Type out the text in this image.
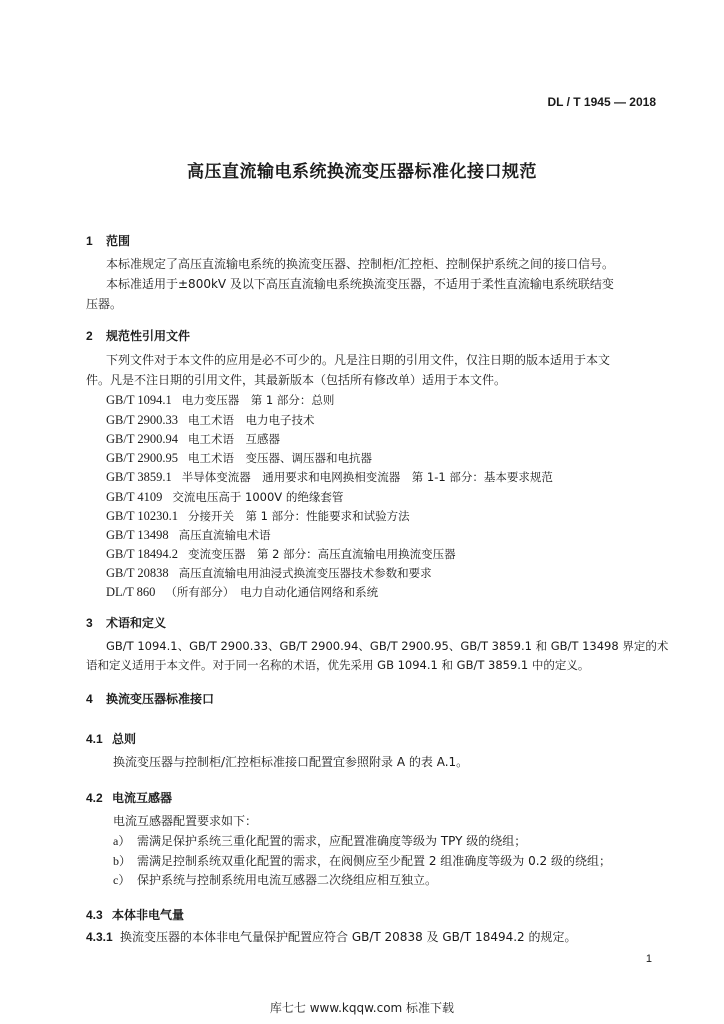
DL / T 1945 — 2018
高压直流输电系统换流变压器标准化接口规范
1 范围
本标准规定了高压直流输电系统的换流变压器、控制柜/汇控柜、控制保护系统之间的接口信号。
本标准适用于±800kV 及以下高压直流输电系统换流变压器，不适用于柔性直流输电系统联结变
压器。
2 规范性引用文件
下列文件对于本文件的应用是必不可少的。凡是注日期的引用文件，仅注日期的版本适用于本文
件。凡是不注日期的引用文件，其最新版本（包括所有修改单）适用于本文件。
GB/T 1094.1 电力变压器　第 1 部分：总则
GB/T 2900.33 电工术语　电力电子技术
GB/T 2900.94 电工术语　互感器
GB/T 2900.95 电工术语　变压器、调压器和电抗器
GB/T 3859.1 半导体变流器　通用要求和电网换相变流器　第 1-1 部分：基本要求规范
GB/T 4109 交流电压高于 1000V 的绝缘套管
GB/T 10230.1 分接开关　第 1 部分：性能要求和试验方法
GB/T 13498 高压直流输电术语
GB/T 18494.2 变流变压器　第 2 部分：高压直流输电用换流变压器
GB/T 20838 高压直流输电用油浸式换流变压器技术参数和要求
DL/T 860 （所有部分）　电力自动化通信网络和系统
3 术语和定义
GB/T 1094.1、GB/T 2900.33、GB/T 2900.94、GB/T 2900.95、GB/T 3859.1 和 GB/T 13498 界定的术
语和定义适用于本文件。对于同一名称的术语，优先采用 GB 1094.1 和 GB/T 3859.1 中的定义。
4 换流变压器标准接口
4.1 总则
换流变压器与控制柜/汇控柜标准接口配置宜参照附录 A 的表 A.1。
4.2 电流互感器
电流互感器配置要求如下：
a） 需满足保护系统三重化配置的需求，应配置准确度等级为 TPY 级的绕组；
b） 需满足控制系统双重化配置的需求，在阀侧应至少配置 2 组准确度等级为 0.2 级的绕组；
c） 保护系统与控制系统用电流互感器二次绕组应相互独立。
4.3 本体非电气量
4.3.1 换流变压器的本体非电气量保护配置应符合 GB/T 20838 及 GB/T 18494.2 的规定。
1
库七七 www.kqqw.com 标准下载
